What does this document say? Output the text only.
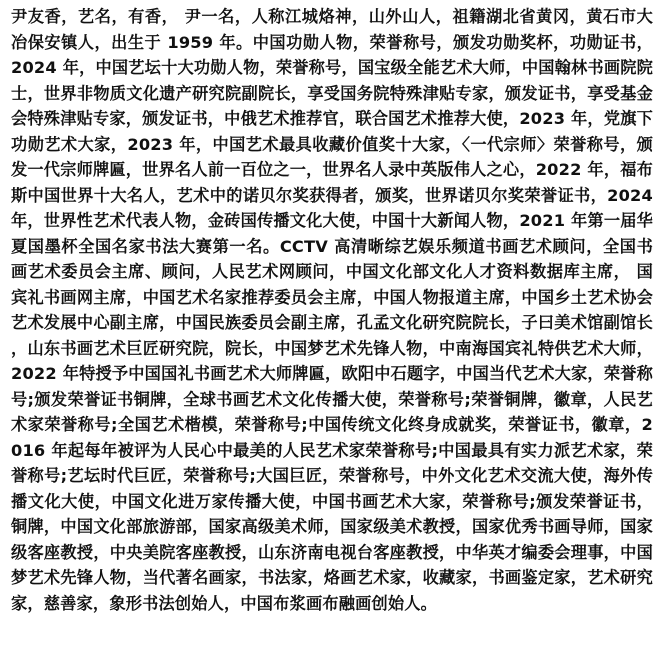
尹友香，艺名，有香， 尹一名，人称江城烙神，山外山人，祖籍湖北省黄冈，黄石市大冶保安镇人，出生于 1959 年。中国功勋人物，荣誉称号，颁发功勋奖杯，功勋证书，2024 年，中国艺坛十大功勋人物，荣誉称号，国宝级全能艺术大师，中国翰林书画院院士，世界非物质文化遗产研究院副院长，享受国务院特殊津贴专家，颁发证书，享受基金会特殊津贴专家，颁发证书，中俄艺术推荐官，联合国艺术推荐大使，2023 年，党旗下功勋艺术大家，2023 年，中国艺术最具收藏价值奖十大家，〈一代宗师〉荣誉称号，颁发一代宗师牌匾，世界名人前一百位之一，世界名人录中英版伟人之心，2022 年，福布斯中国世界十大名人，艺术中的诺贝尔奖获得者，颁奖，世界诺贝尔奖荣誉证书，2024 年，世界性艺术代表人物，金砖国传播文化大使，中国十大新闻人物，2021 年第一届华夏国墨杯全国名家书法大赛第一名。CCTV 高清晰综艺娱乐频道书画艺术顾问，全国书画艺术委员会主席、顾问，人民艺术网顾问，中国文化部文化人才资料数据库主席， 国宾礼书画网主席，中国艺术名家推荐委员会主席，中国人物报道主席，中国乡土艺术协会艺术发展中心副主席，中国民族委员会副主席，孔孟文化研究院院长，子曰美术馆副馆长，山东书画艺术巨匠研究院，院长，中国梦艺术先锋人物，中南海国宾礼特供艺术大师，2022 年特授予中国国礼书画艺术大师牌匾，欧阳中石题字，中国当代艺术大家，荣誉称号;颁发荣誉证书铜牌，全球书画艺术文化传播大使，荣誉称号;荣誉铜牌，徽章，人民艺术家荣誉称号;全国艺术楷模，荣誉称号;中国传统文化终身成就奖，荣誉证书，徽章，2016 年起每年被评为人民心中最美的人民艺术家荣誉称号;中国最具有实力派艺术家，荣誉称号;艺坛时代巨匠，荣誉称号;大国巨匠，荣誉称号，中外文化艺术交流大使，海外传播文化大使，中国文化进万家传播大使，中国书画艺术大家，荣誉称号;颁发荣誉证书，铜牌，中国文化部旅游部，国家高级美术师，国家级美术教授，国家优秀书画导师，国家级客座教授，中央美院客座教授，山东济南电视台客座教授，中华英才编委会理事，中国梦艺术先锋人物，当代著名画家，书法家，烙画艺术家，收藏家，书画鉴定家，艺术研究家，慈善家，象形书法创始人，中国布浆画布融画创始人。
